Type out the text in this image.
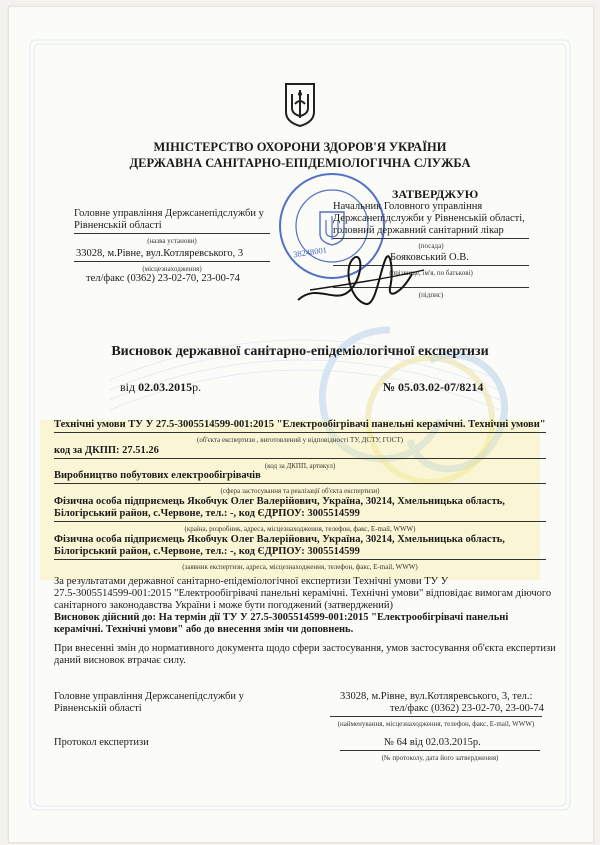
МІНІСТЕРСТВО ОХОРОНИ ЗДОРОВ'Я УКРАЇНИ
ДЕРЖАВНА САНІТАРНО-ЕПІДЕМІОЛОГІЧНА СЛУЖБА
Головне управління Держсанепідслужби у
Рівненській області
(назва установи)
33028, м.Рівне, вул.Котляревського, 3
(місцезнаходження)
тел/факс (0362) 23-02-70, 23-00-74
38248001
ЗАТВЕРДЖУЮ
Начальник Головного управління
Держсанепідслужби у Рівненській області,
головний державний санітарний лікар
(посада)
Бояковський О.В.
(прізвище, ім'я, по батькові)
(підпис)
Висновок державної санітарно-епідеміологічної експертизи
від 02.03.2015р.	№ 05.03.02-07/8214
Технічні умови ТУ У 27.5-3005514599-001:2015 "Електрообігрівачі панельні керамічні. Технічні умови"
(об'єкта експертизи , виготовлений у відповідності ТУ, ДСТУ, ГОСТ)
код за ДКПП: 27.51.26
(код за ДКПП, артикул)
Виробництво побутових електрообігрівачів
(сфера застосування та реалізації об'єкта експертизи)
Фізична особа підприємець Якобчук Олег Валерійович, Україна, 30214, Хмельницька область,
Білогірський район, с.Червоне, тел.: -, код ЄДРПОУ: 3005514599
(країна, розробник, адреса, місцезнаходження, телефон, факс, E-mail, WWW)
Фізична особа підприємець Якобчук Олег Валерійович, Україна, 30214, Хмельницька область,
Білогірський район, с.Червоне, тел.: -, код ЄДРПОУ: 3005514599
(заявник експертизи, адреса, місцезнаходження, телефон, факс, E-mail, WWW)
За результатами державної санітарно-епідеміологічної експертизи Технічні умови ТУ У
27.5-3005514599-001:2015 "Електрообігрівачі панельні керамічні. Технічні умови" відповідає вимогам діючого
санітарного законодавства України і може бути погоджений (затверджений)
Висновок дійсний до: На термін дії ТУ У 27.5-3005514599-001:2015 "Електрообігрівачі панельні
керамічні. Технічні умови" або до внесення змін чи доповнень.
При внесенні змін до нормативного документа щодо сфери застосування, умов застосування об'єкта експертизи
даний висновок втрачає силу.
Головне управління Держсанепідслужби у
Рівненській області
33028, м.Рівне, вул.Котляревського, 3, тел.:
тел/факс (0362) 23-02-70, 23-00-74
(найменування, місцезнаходження, телефон, факс, E-mail, WWW)
Протокол експертизи	№ 64 від 02.03.2015р.
(№ протоколу, дата його затвердження)
